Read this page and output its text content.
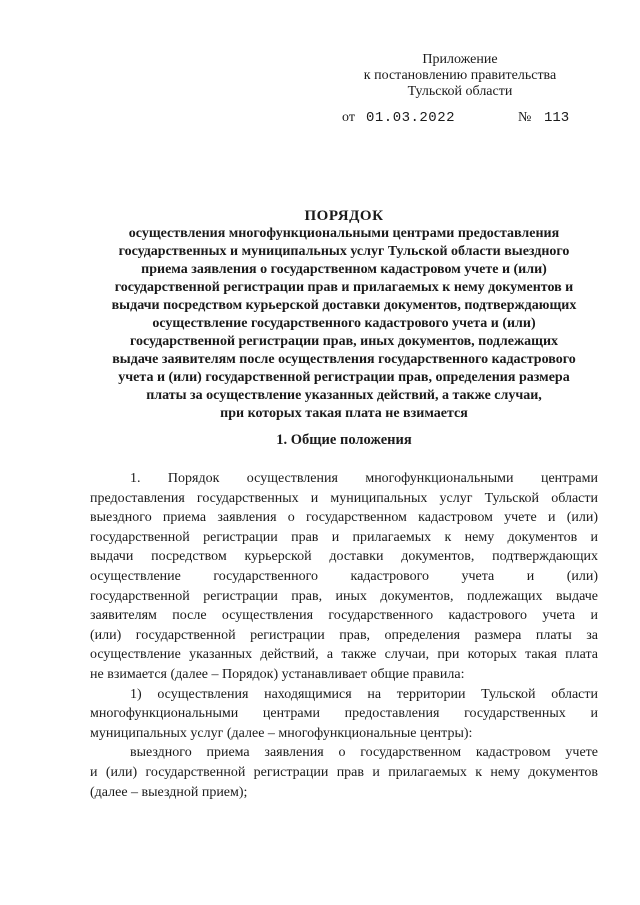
Приложение
к постановлению правительства
Тульской области
от 01.03.2022	№ 113
ПОРЯДОК
осуществления многофункциональными центрами предоставления
государственных и муниципальных услуг Тульской области выездного
приема заявления о государственном кадастровом учете и (или)
государственной регистрации прав и прилагаемых к нему документов и
выдачи посредством курьерской доставки документов, подтверждающих
осуществление государственного кадастрового учета и (или)
государственной регистрации прав, иных документов, подлежащих
выдаче заявителям после осуществления государственного кадастрового
учета и (или) государственной регистрации прав, определения размера
платы за осуществление указанных действий, а также случаи,
при которых такая плата не взимается
1. Общие положения
1. Порядок осуществления многофункциональными центрами
предоставления государственных и муниципальных услуг Тульской области
выездного приема заявления о государственном кадастровом учете и (или)
государственной регистрации прав и прилагаемых к нему документов и
выдачи посредством курьерской доставки документов, подтверждающих
осуществление государственного кадастрового учета и (или)
государственной регистрации прав, иных документов, подлежащих выдаче
заявителям после осуществления государственного кадастрового учета и
(или) государственной регистрации прав, определения размера платы за
осуществление указанных действий, а также случаи, при которых такая плата
не взимается (далее – Порядок) устанавливает общие правила:
1) осуществления находящимися на территории Тульской области
многофункциональными центрами предоставления государственных и
муниципальных услуг (далее – многофункциональные центры):
выездного приема заявления о государственном кадастровом учете
и (или) государственной регистрации прав и прилагаемых к нему документов
(далее – выездной прием);
